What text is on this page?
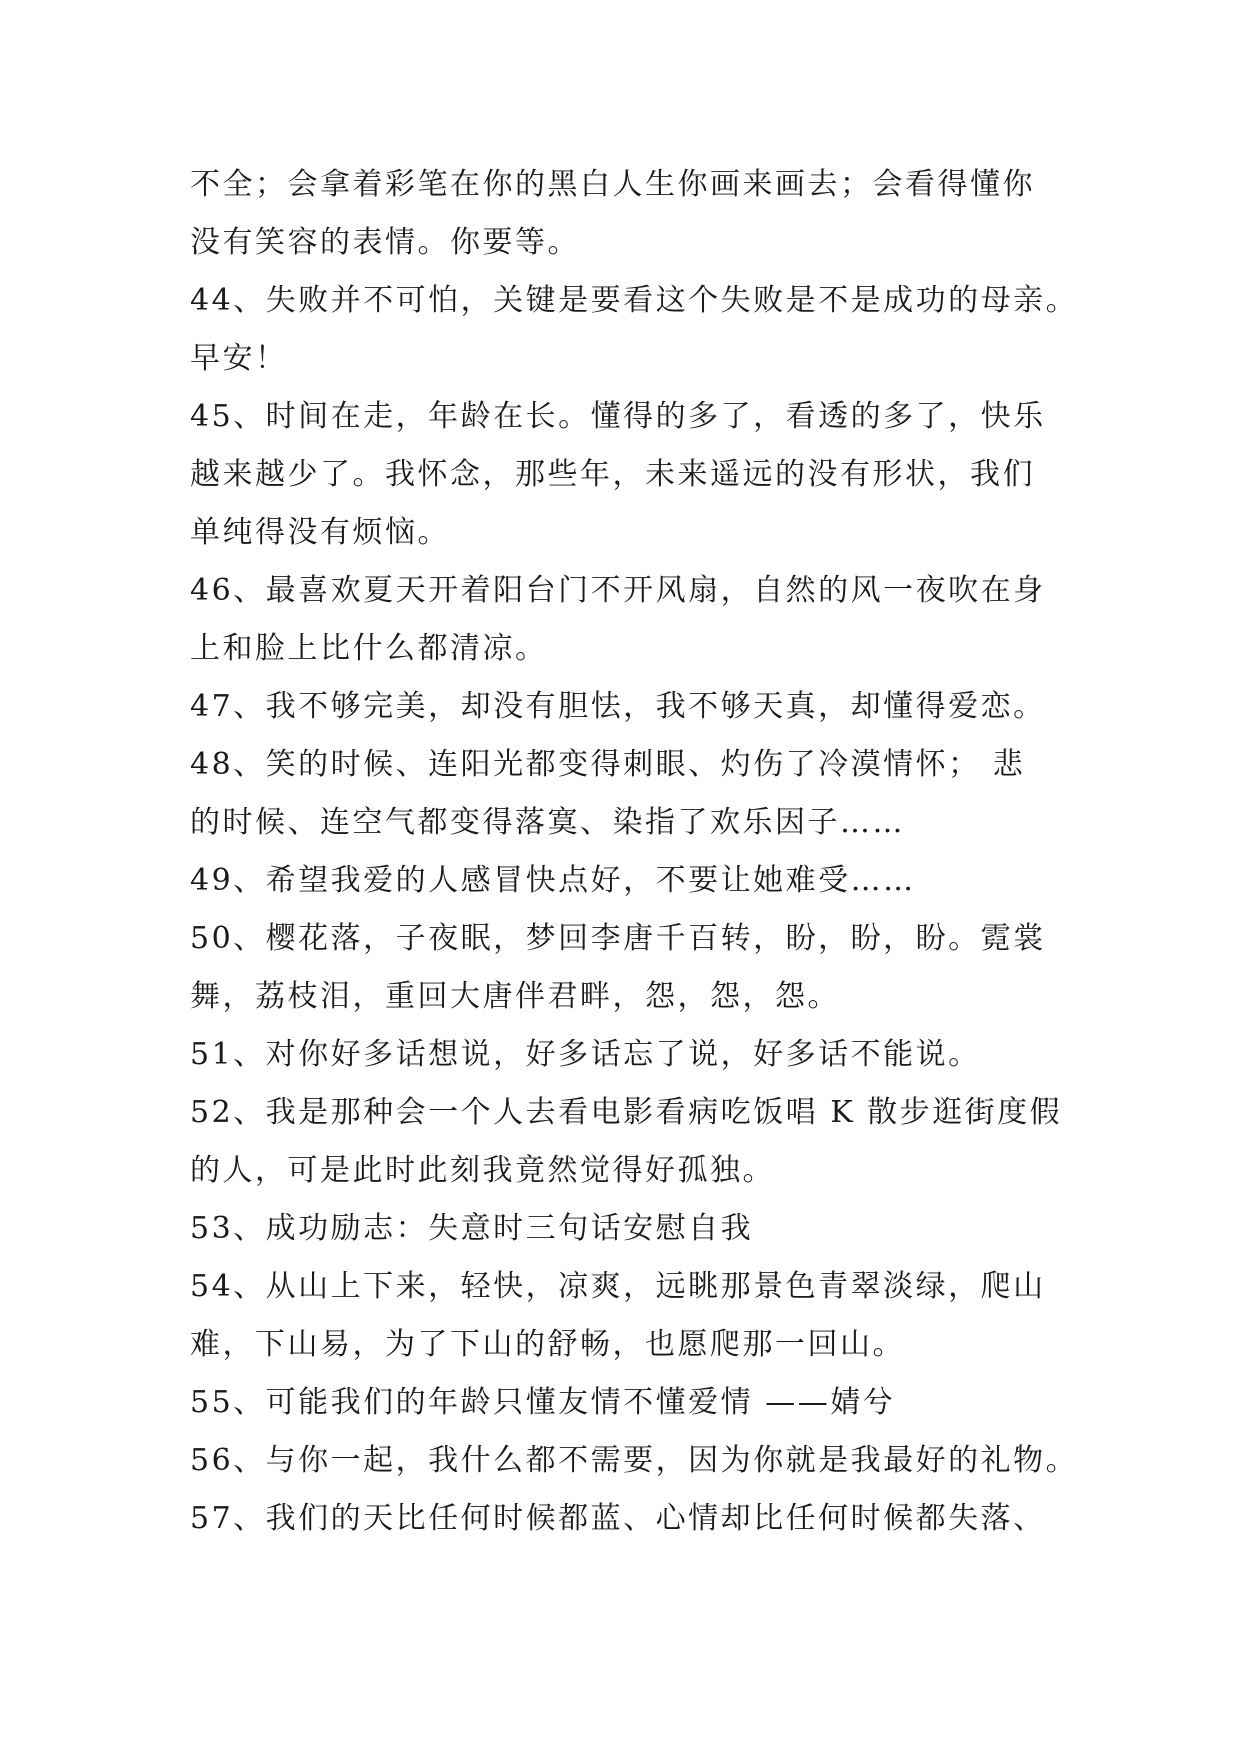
不全；会拿着彩笔在你的黑白人生你画来画去；会看得懂你
没有笑容的表情。你要等。
44、失败并不可怕，关键是要看这个失败是不是成功的母亲。
早安！
45、时间在走，年龄在长。懂得的多了，看透的多了，快乐
越来越少了。我怀念，那些年，未来遥远的没有形状，我们
单纯得没有烦恼。
46、最喜欢夏天开着阳台门不开风扇，自然的风一夜吹在身
上和脸上比什么都清凉。
47、我不够完美，却没有胆怯，我不够天真，却懂得爱恋。
48、笑的时候、连阳光都变得刺眼、灼伤了冷漠情怀； 悲
的时候、连空气都变得落寞、染指了欢乐因子……
49、希望我爱的人感冒快点好，不要让她难受……
50、樱花落，子夜眠，梦回李唐千百转，盼，盼，盼。霓裳
舞，荔枝泪，重回大唐伴君畔，怨，怨，怨。
51、对你好多话想说，好多话忘了说，好多话不能说。
52、我是那种会一个人去看电影看病吃饭唱 K 散步逛街度假
的人，可是此时此刻我竟然觉得好孤独。
53、成功励志：失意时三句话安慰自我
54、从山上下来，轻快，凉爽，远眺那景色青翠淡绿，爬山
难，下山易，为了下山的舒畅，也愿爬那一回山。
55、可能我们的年龄只懂友情不懂爱情 ——婧兮
56、与你一起，我什么都不需要，因为你就是我最好的礼物。
57、我们的天比任何时候都蓝、心情却比任何时候都失落、
